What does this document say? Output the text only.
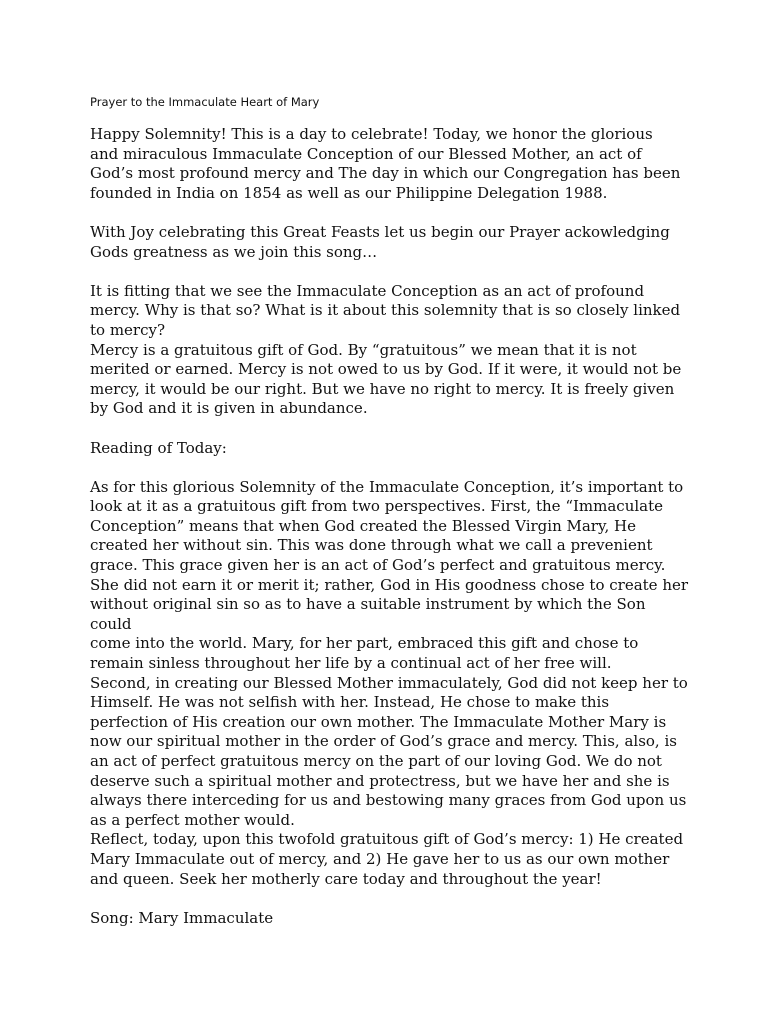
Prayer to the Immaculate Heart of Mary

Happy Solemnity! This is a day to celebrate! Today, we honor the glorious
and miraculous Immaculate Conception of our Blessed Mother, an act of
God’s most profound mercy and The day in which our Congregation has been
founded in India on 1854 as well as our Philippine Delegation 1988.

With Joy celebrating this Great Feasts let us begin our Prayer ackowledging
Gods greatness as we join this song…

It is fitting that we see the Immaculate Conception as an act of profound
mercy. Why is that so? What is it about this solemnity that is so closely linked
to mercy?

Mercy is a gratuitous gift of God. By “gratuitous” we mean that it is not
merited or earned. Mercy is not owed to us by God. If it were, it would not be
mercy, it would be our right. But we have no right to mercy. It is freely given
by God and it is given in abundance.

Reading of Today:

As for this glorious Solemnity of the Immaculate Conception, it’s important to
look at it as a gratuitous gift from two perspectives. First, the “Immaculate
Conception” means that when God created the Blessed Virgin Mary, He
created her without sin. This was done through what we call a prevenient
grace. This grace given her is an act of God’s perfect and gratuitous mercy.
She did not earn it or merit it; rather, God in His goodness chose to create her
without original sin so as to have a suitable instrument by which the Son could
come into the world. Mary, for her part, embraced this gift and chose to
remain sinless throughout her life by a continual act of her free will.

Second, in creating our Blessed Mother immaculately, God did not keep her to
Himself. He was not selfish with her. Instead, He chose to make this
perfection of His creation our own mother. The Immaculate Mother Mary is
now our spiritual mother in the order of God’s grace and mercy. This, also, is
an act of perfect gratuitous mercy on the part of our loving God. We do not
deserve such a spiritual mother and protectress, but we have her and she is
always there interceding for us and bestowing many graces from God upon us
as a perfect mother would.

Reflect, today, upon this twofold gratuitous gift of God’s mercy: 1) He created
Mary Immaculate out of mercy, and 2) He gave her to us as our own mother
and queen. Seek her motherly care today and throughout the year!

Song: Mary Immaculate
